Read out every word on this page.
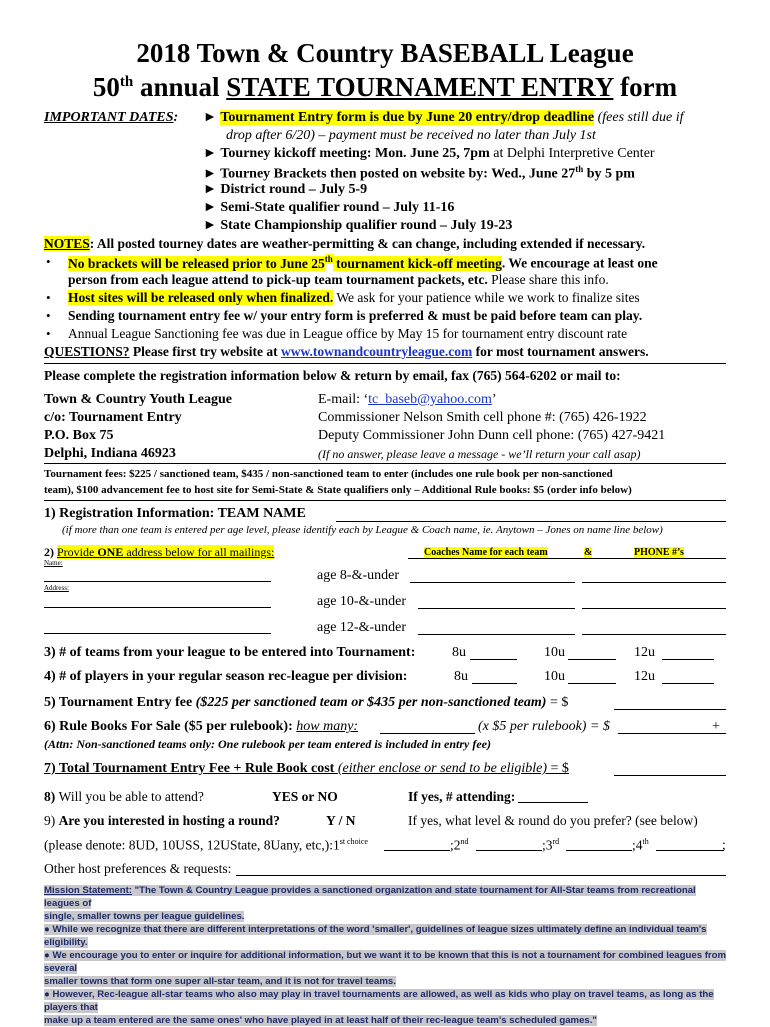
2018 Town & Country BASEBALL League
50th annual STATE TOURNAMENT ENTRY form
IMPORTANT DATES: ► Tournament Entry form is due by June 20 entry/drop deadline (fees still due if
drop after 6/20) – payment must be received no later than July 1st
► Tourney kickoff meeting: Mon. June 25, 7pm at Delphi Interpretive Center
► Tourney Brackets then posted on website by: Wed., June 27th by 5 pm
► District round – July 5-9
► Semi-State qualifier round – July 11-16
► State Championship qualifier round – July 19-23
NOTES: All posted tourney dates are weather-permitting & can change, including extended if necessary.
• No brackets will be released prior to June 25th tournament kick-off meeting. We encourage at least one
person from each league attend to pick-up team tournament packets, etc. Please share this info.
• Host sites will be released only when finalized. We ask for your patience while we work to finalize sites
• Sending tournament entry fee w/ your entry form is preferred & must be paid before team can play.
• Annual League Sanctioning fee was due in League office by May 15 for tournament entry discount rate
QUESTIONS? Please first try website at www.townandcountryleague.com for most tournament answers.
Please complete the registration information below & return by email, fax (765) 564-6202 or mail to:
Town & Country Youth League
c/o: Tournament Entry
P.O. Box 75
Delphi, Indiana 46923
E-mail: ‘tc_baseb@yahoo.com’
Commissioner Nelson Smith cell phone #: (765) 426-1922
Deputy Commissioner John Dunn cell phone: (765) 427-9421
(If no answer, please leave a message - we’ll return your call asap)
Tournament fees: $225 / sanctioned team, $435 / non-sanctioned team to enter (includes one rule book per non-sanctioned
team), $100 advancement fee to host site for Semi-State & State qualifiers only – Additional Rule books: $5 (order info below)
1) Registration Information: TEAM NAME
(if more than one team is entered per age level, please identify each by League & Coach name, ie. Anytown – Jones on name line below)
2) Provide ONE address below for all mailings:	Coaches Name for each team	&	PHONE #’s
Name:
Address:
age 8-&-under
age 10-&-under
age 12-&-under
3) # of teams from your league to be entered into Tournament:	8u	10u	12u
4) # of players in your regular season rec-league per division:	8u	10u	12u
5) Tournament Entry fee ($225 per sanctioned team or $435 per non-sanctioned team) = $
6) Rule Books For Sale ($5 per rulebook): how many:	(x $5 per rulebook) = $	+
(Attn: Non-sanctioned teams only: One rulebook per team entered is included in entry fee)
7) Total Tournament Entry Fee + Rule Book cost (either enclose or send to be eligible) = $
8) Will you be able to attend?	YES or NO	If yes, # attending:
9) Are you interested in hosting a round?	Y / N	If yes, what level & round do you prefer? (see below)
(please denote: 8UD, 10USS, 12UState, 8Uany, $etc,):1^{st choice}$	;2nd	;3rd	;4th	;
Other host preferences & requests:
Mission Statement: "The Town & Country League provides a sanctioned organization and state tournament for All-Star teams from recreational leagues of
single, smaller towns per league guidelines.
● While we recognize that there are different interpretations of the word 'smaller', guidelines of league sizes ultimately define an individual team's eligibility.
● We encourage you to enter or inquire for additional information, but we want it to be known that this is not a tournament for combined leagues from several
smaller towns that form one super all-star team, and it is not for travel teams.
● However, Rec-league all-star teams who also may play in travel tournaments are allowed, as well as kids who play on travel teams, as long as the players that
make up a team entered are the same ones' who have played in at least half of their rec-league team's scheduled games."
